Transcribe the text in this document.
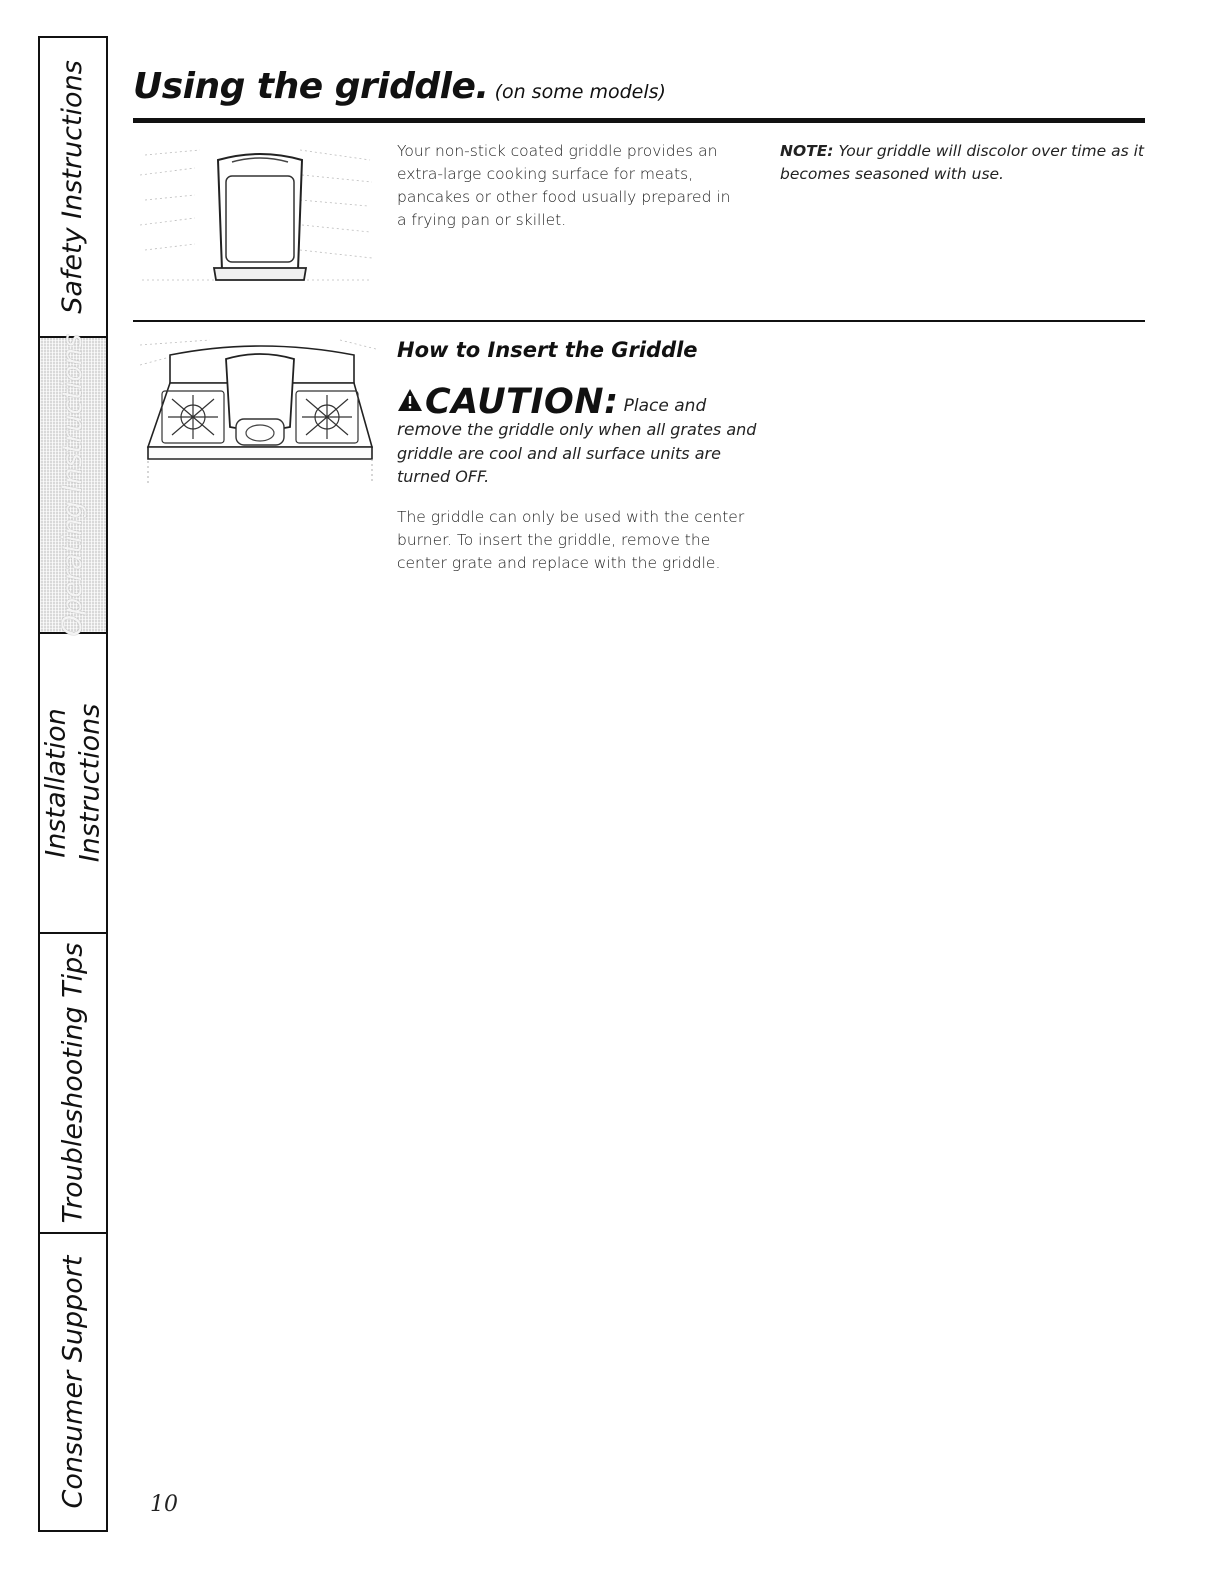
Safety Instructions
Operating Instructions
Installation Instructions
Troubleshooting Tips
Consumer Support
Using the griddle. (on some models)
Your non-stick coated griddle provides an extra-large cooking surface for meats, pancakes or other food usually prepared in a frying pan or skillet.
NOTE: Your griddle will discolor over time as it becomes seasoned with use.
How to Insert the Griddle
CAUTION: Place and remove the griddle only when all grates and griddle are cool and all surface units are turned OFF.
The griddle can only be used with the center burner. To insert the griddle, remove the center grate and replace with the griddle.
10
